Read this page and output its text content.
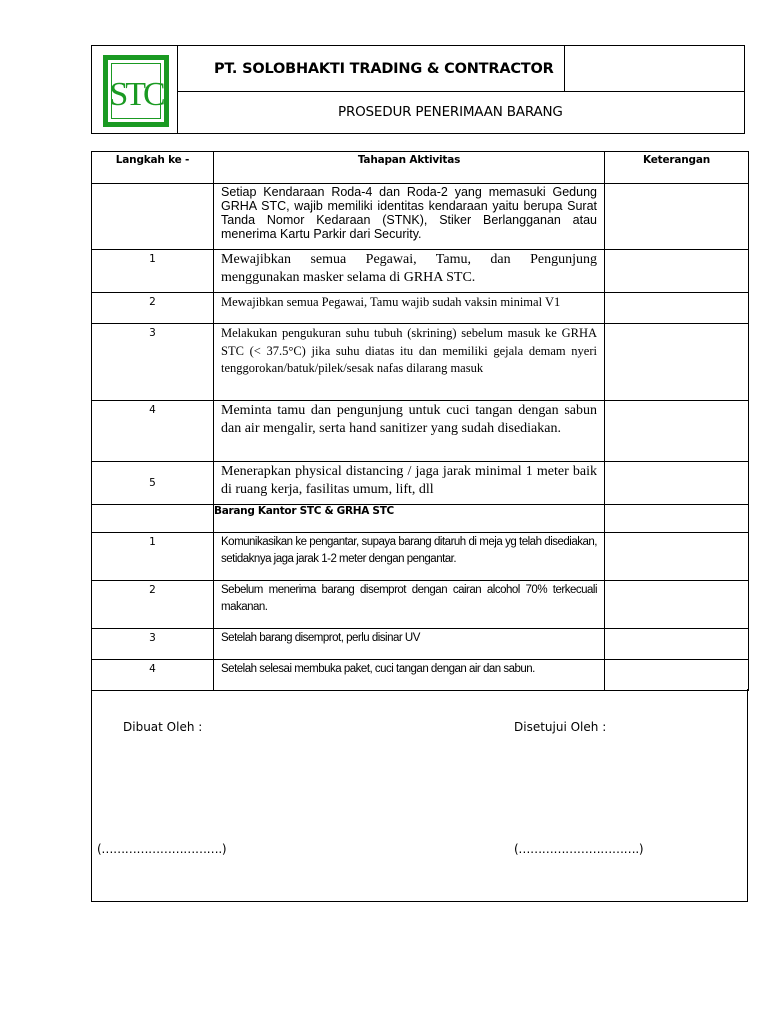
STC
PT. SOLOBHAKTI TRADING & CONTRACTOR
PROSEDUR PENERIMAAN BARANG
Langkah ke -	Tahapan Aktivitas	Keterangan
	Setiap Kendaraan Roda-4 dan Roda-2 yang memasuki Gedung GRHA STC, wajib memiliki identitas kendaraan yaitu berupa Surat Tanda Nomor Kedaraan (STNK), Stiker Berlangganan atau menerima Kartu Parkir dari Security.	
1	Mewajibkan semua Pegawai, Tamu, dan Pengunjung menggunakan masker selama di GRHA STC.	
2	Mewajibkan semua Pegawai, Tamu wajib sudah vaksin minimal V1	
3	Melakukan pengukuran suhu tubuh (skrining) sebelum masuk ke GRHA STC (< 37.5°C) jika suhu diatas itu dan memiliki gejala demam nyeri tenggorokan/batuk/pilek/sesak nafas dilarang masuk	
4	Meminta tamu dan pengunjung untuk cuci tangan dengan sabun dan air mengalir, serta hand sanitizer yang sudah disediakan.	
5	Menerapkan physical distancing / jaga jarak minimal 1 meter baik di ruang kerja, fasilitas umum, lift, dll	
	Barang Kantor STC & GRHA STC	
1	Komunikasikan ke pengantar, supaya barang ditaruh di meja yg telah disediakan, setidaknya jaga jarak 1-2 meter dengan pengantar.	
2	Sebelum menerima barang disemprot dengan cairan alcohol 70% terkecuali makanan.	
3	Setelah barang disemprot, perlu disinar UV	
4	Setelah selesai membuka paket, cuci tangan dengan air dan sabun.	
Dibuat Oleh :	Disetujui Oleh :
(………………………….)	(………………………….)
